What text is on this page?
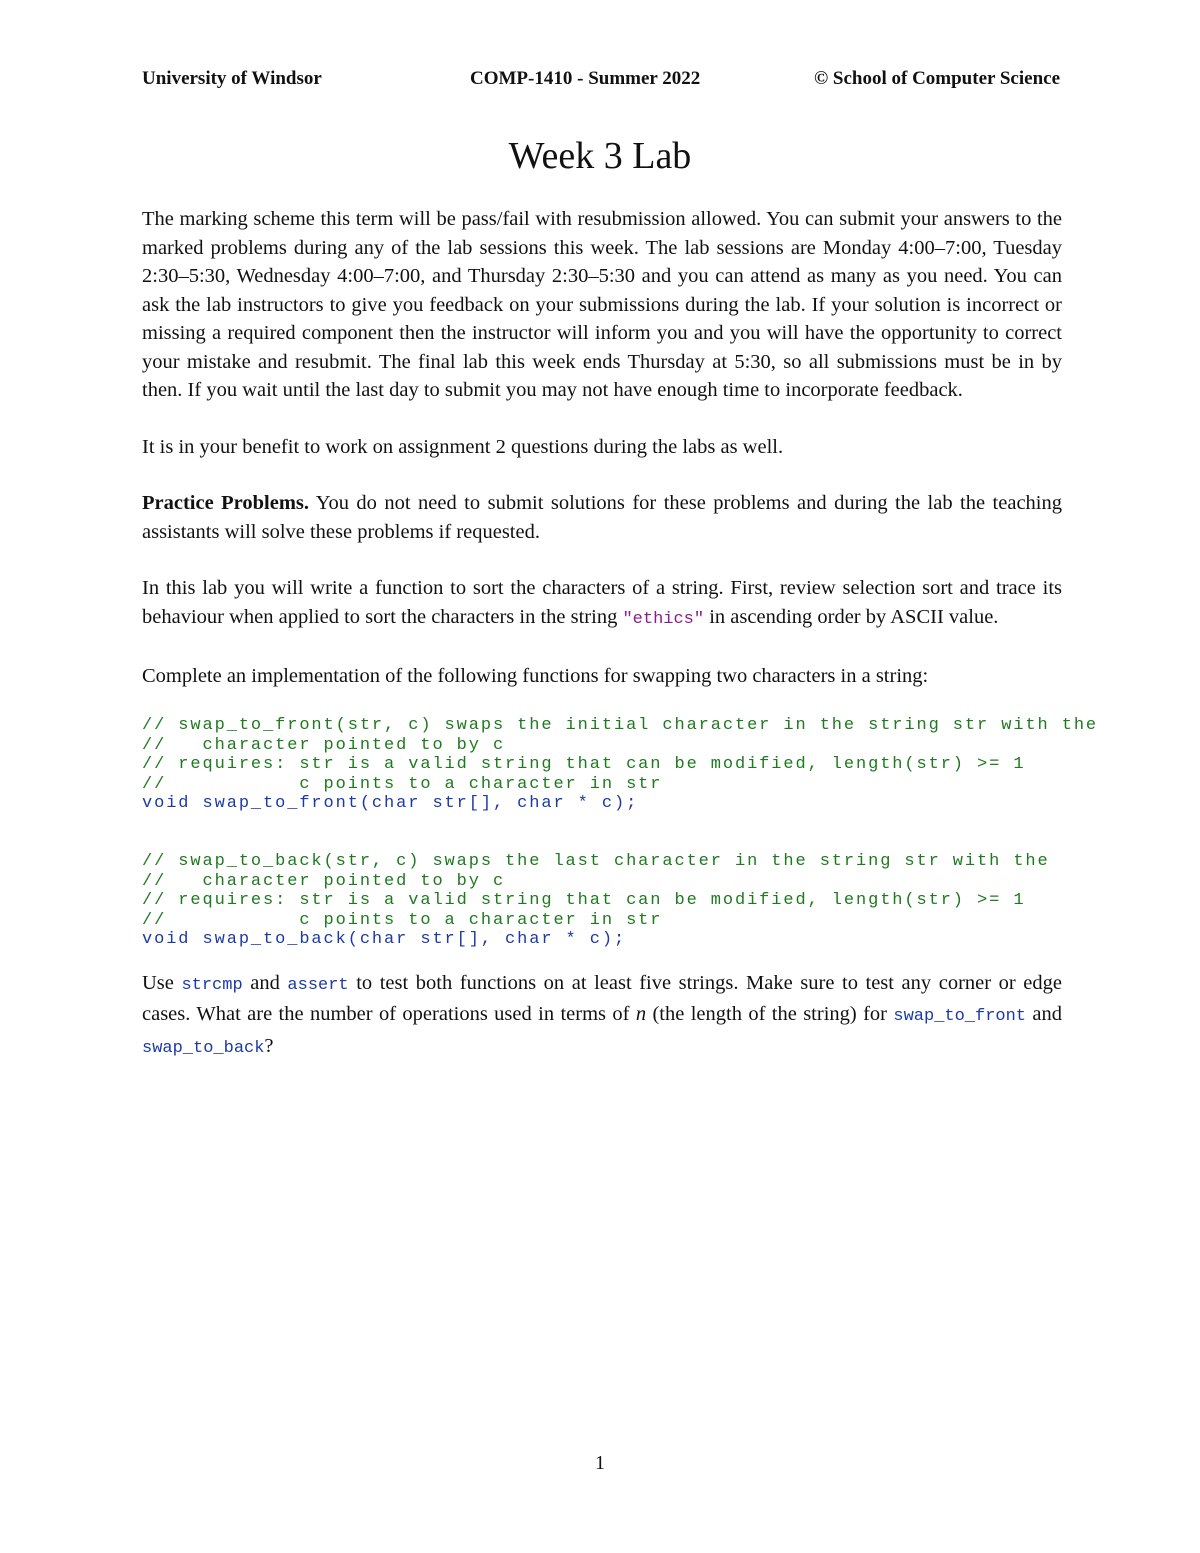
University of Windsor	COMP-1410 - Summer 2022	© School of Computer Science
Week 3 Lab

The marking scheme this term will be pass/fail with resubmission allowed. You can submit your answers to the marked problems during any of the lab sessions this week. The lab sessions are Monday 4:00–7:00, Tuesday 2:30–5:30, Wednesday 4:00–7:00, and Thursday 2:30–5:30 and you can attend as many as you need. You can ask the lab instructors to give you feedback on your submissions during the lab. If your solution is incorrect or missing a required component then the instructor will inform you and you will have the opportunity to correct your mistake and resubmit. The final lab this week ends Thursday at 5:30, so all submissions must be in by then. If you wait until the last day to submit you may not have enough time to incorporate feedback.

It is in your benefit to work on assignment 2 questions during the labs as well.

Practice Problems. You do not need to submit solutions for these problems and during the lab the teaching assistants will solve these problems if requested.

In this lab you will write a function to sort the characters of a string. First, review selection sort and trace its behaviour when applied to sort the characters in the string "ethics" in ascending order by ASCII value.

Complete an implementation of the following functions for swapping two characters in a string:

// swap_to_front(str, c) swaps the initial character in the string str with the
//   character pointed to by c
// requires: str is a valid string that can be modified, length(str) >= 1
//           c points to a character in str
void swap_to_front(char str[], char * c);

// swap_to_back(str, c) swaps the last character in the string str with the
//   character pointed to by c
// requires: str is a valid string that can be modified, length(str) >= 1
//           c points to a character in str
void swap_to_back(char str[], char * c);

Use strcmp and assert to test both functions on at least five strings. Make sure to test any corner or edge cases. What are the number of operations used in terms of n (the length of the string) for swap_to_front and swap_to_back?

1
